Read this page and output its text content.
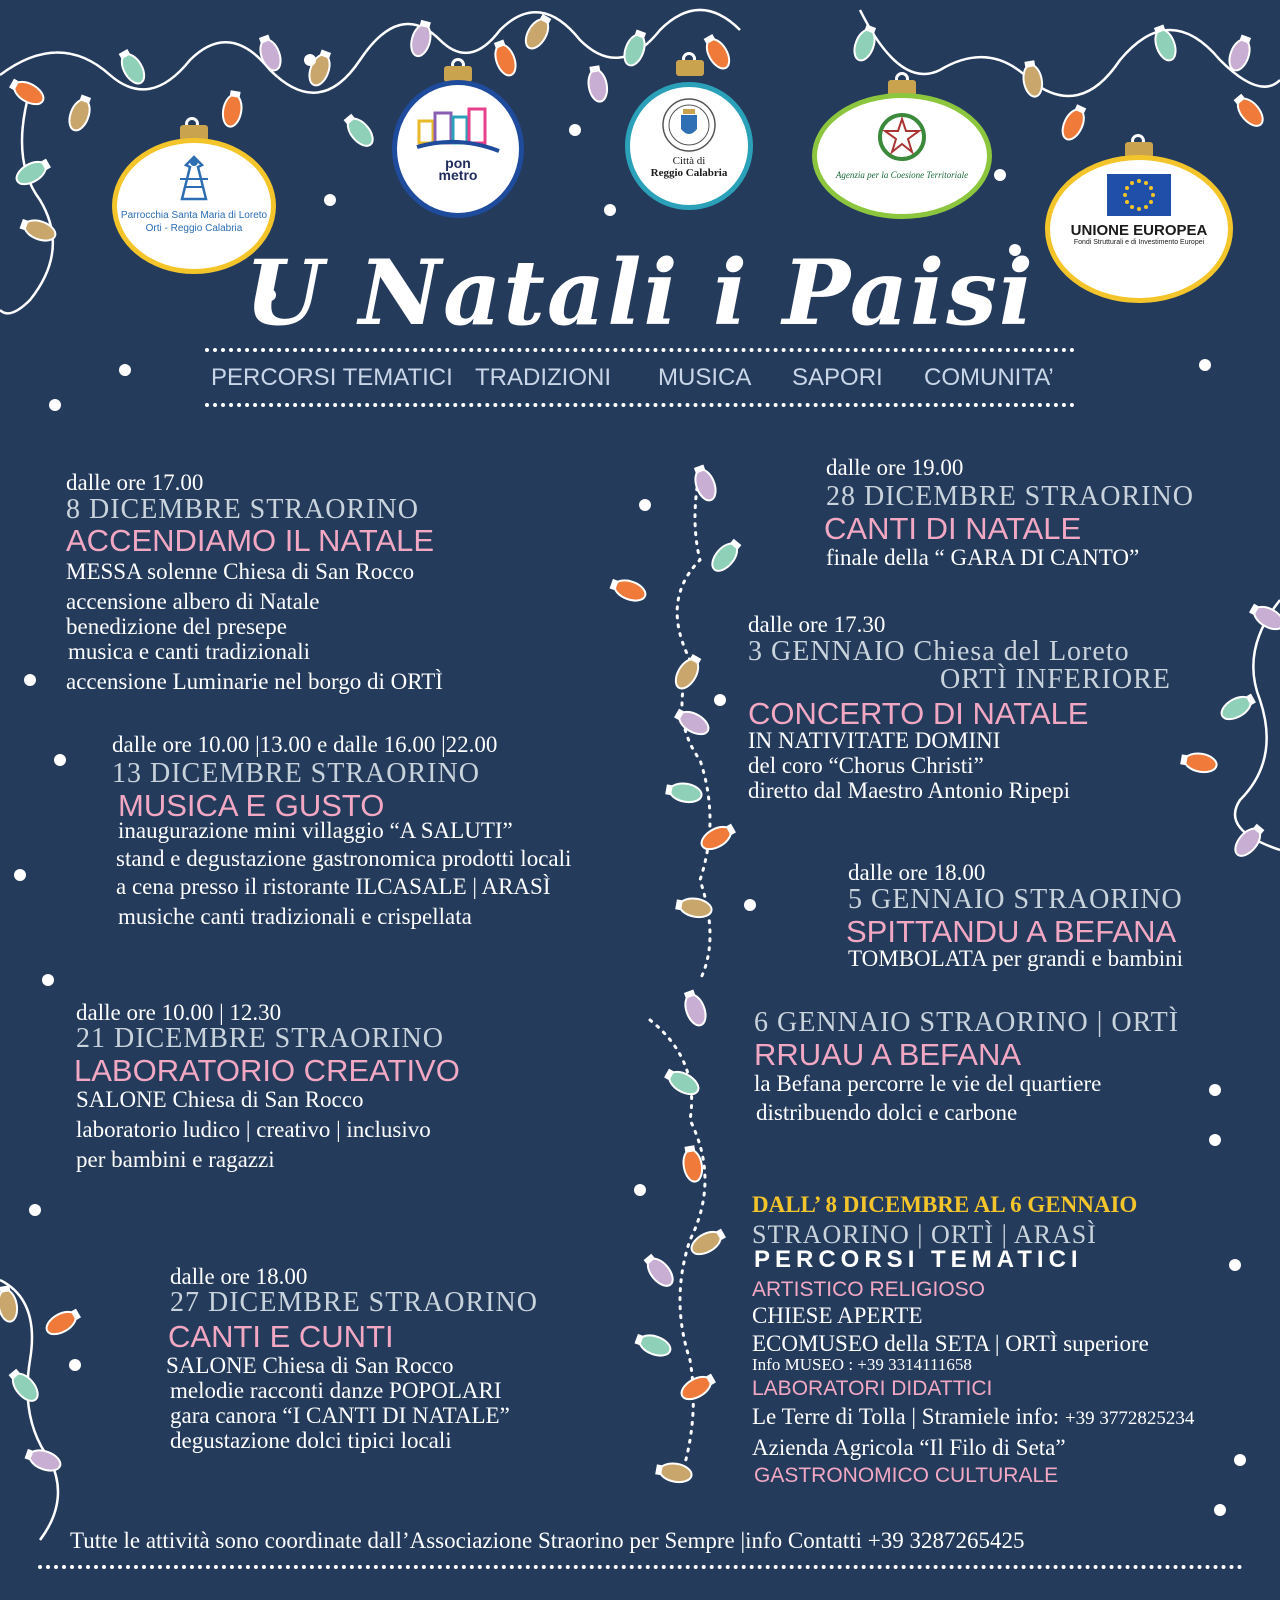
Parrocchia Santa Maria di Loreto
Orti - Reggio Calabria
pon
metro
Città di
Reggio Calabria	Agenzia per la Coesione Territoriale
UNIONE EUROPEA
Fondi Strutturali e di Investimento Europei
U Natali i Paisi
PERCORSI TEMATICI TRADIZIONI MUSICA SAPORI COMUNITA’
dalle ore 17.00
8 DICEMBRE STRAORINO
ACCENDIAMO IL NATALE
MESSA solenne Chiesa di San Rocco
accensione albero di Natale
benedizione del presepe
musica e canti tradizionali
accensione Luminarie nel borgo di ORTÌ
dalle ore 10.00 |13.00 e dalle 16.00 |22.00
13 DICEMBRE STRAORINO
MUSICA E GUSTO
inaugurazione mini villaggio “A SALUTI”
stand e degustazione gastronomica prodotti locali
a cena presso il ristorante ILCASALE | ARASÌ
musiche canti tradizionali e crispellata
dalle ore 10.00 | 12.30
21 DICEMBRE STRAORINO
LABORATORIO CREATIVO
SALONE Chiesa di San Rocco
laboratorio ludico | creativo | inclusivo
per bambini e ragazzi
dalle ore 18.00
27 DICEMBRE STRAORINO
CANTI E CUNTI
SALONE Chiesa di San Rocco
melodie racconti danze POPOLARI
gara canora “I CANTI DI NATALE”
degustazione dolci tipici locali
dalle ore 19.00
28 DICEMBRE STRAORINO
CANTI DI NATALE
finale della “ GARA DI CANTO”
dalle ore 17.30
3 GENNAIO Chiesa del Loreto
ORTÌ INFERIORE
CONCERTO DI NATALE
IN NATIVITATE DOMINI
del coro “Chorus Christi”
diretto dal Maestro Antonio Ripepi
dalle ore 18.00
5 GENNAIO STRAORINO
SPITTANDU A BEFANA
TOMBOLATA per grandi e bambini
6 GENNAIO STRAORINO | ORTÌ
RRUAU A BEFANA
la Befana percorre le vie del quartiere
distribuendo dolci e carbone
DALL’ 8 DICEMBRE AL 6 GENNAIO
STRAORINO | ORTÌ | ARASÌ
PERCORSI TEMATICI
ARTISTICO RELIGIOSO
CHIESE APERTE
ECOMUSEO della SETA | ORTÌ superiore
Info MUSEO : +39 3314111658
LABORATORI DIDATTICI
Le Terre di Tolla | Stramiele info: +39 3772825234
Azienda Agricola “Il Filo di Seta”
GASTRONOMICO CULTURALE
Tutte le attività sono coordinate dall’Associazione Straorino per Sempre |info Contatti +39 3287265425
